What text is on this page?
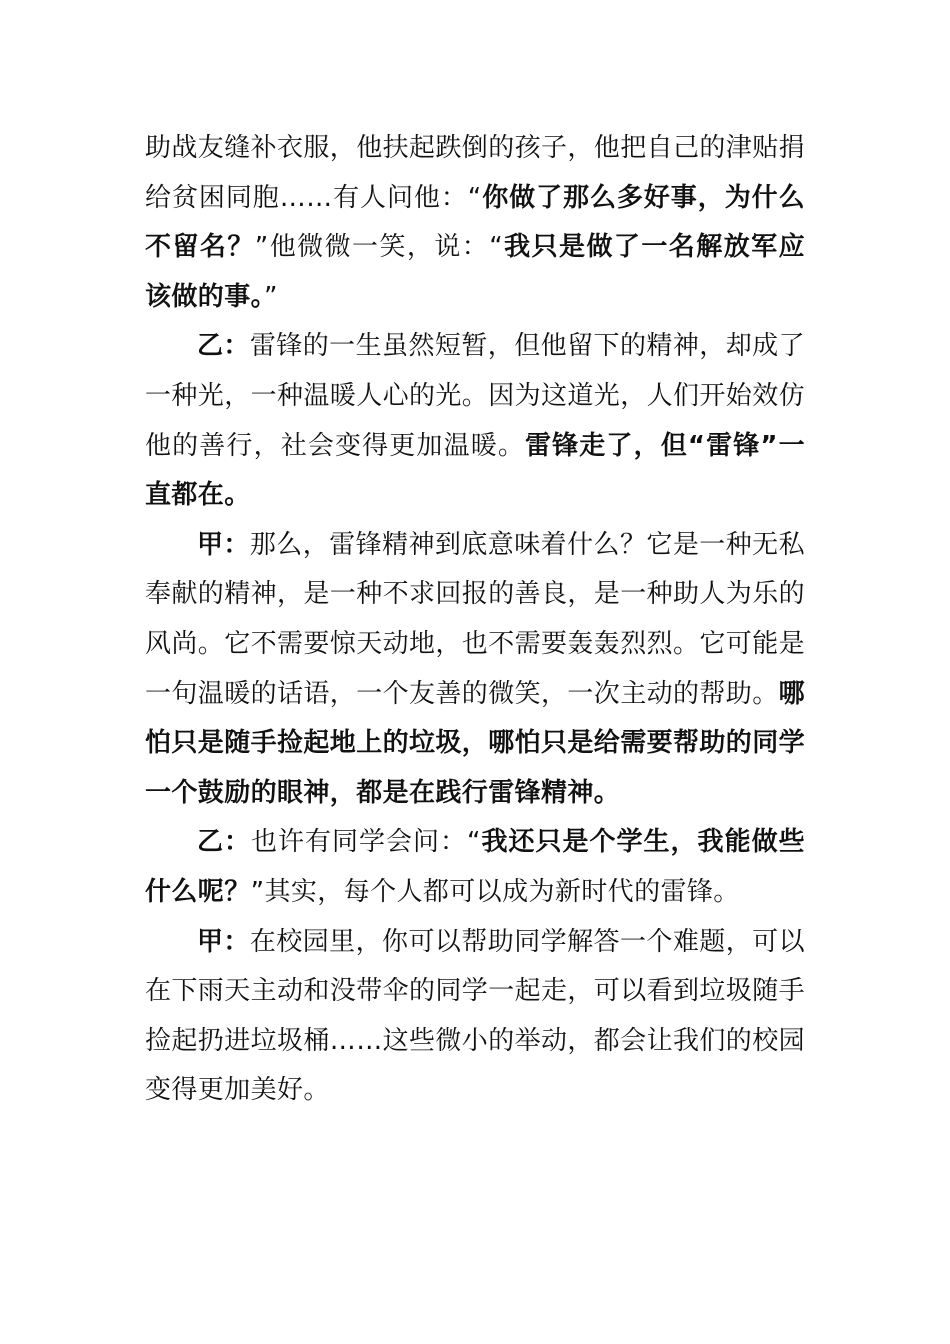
助战友缝补衣服，他扶起跌倒的孩子，他把自己的津贴捐给贫困同胞……有人问他：“你做了那么多好事，为什么不留名？”他微微一笑，说：“我只是做了一名解放军应该做的事。”

乙：雷锋的一生虽然短暂，但他留下的精神，却成了一种光，一种温暖人心的光。因为这道光，人们开始效仿他的善行，社会变得更加温暖。雷锋走了，但“雷锋”一直都在。

甲：那么，雷锋精神到底意味着什么？它是一种无私奉献的精神，是一种不求回报的善良，是一种助人为乐的风尚。它不需要惊天动地，也不需要轰轰烈烈。它可能是一句温暖的话语，一个友善的微笑，一次主动的帮助。哪怕只是随手捡起地上的垃圾，哪怕只是给需要帮助的同学一个鼓励的眼神，都是在践行雷锋精神。

乙：也许有同学会问：“我还只是个学生，我能做些什么呢？”其实，每个人都可以成为新时代的雷锋。

甲：在校园里，你可以帮助同学解答一个难题，可以在下雨天主动和没带伞的同学一起走，可以看到垃圾随手捡起扔进垃圾桶……这些微小的举动，都会让我们的校园变得更加美好。
